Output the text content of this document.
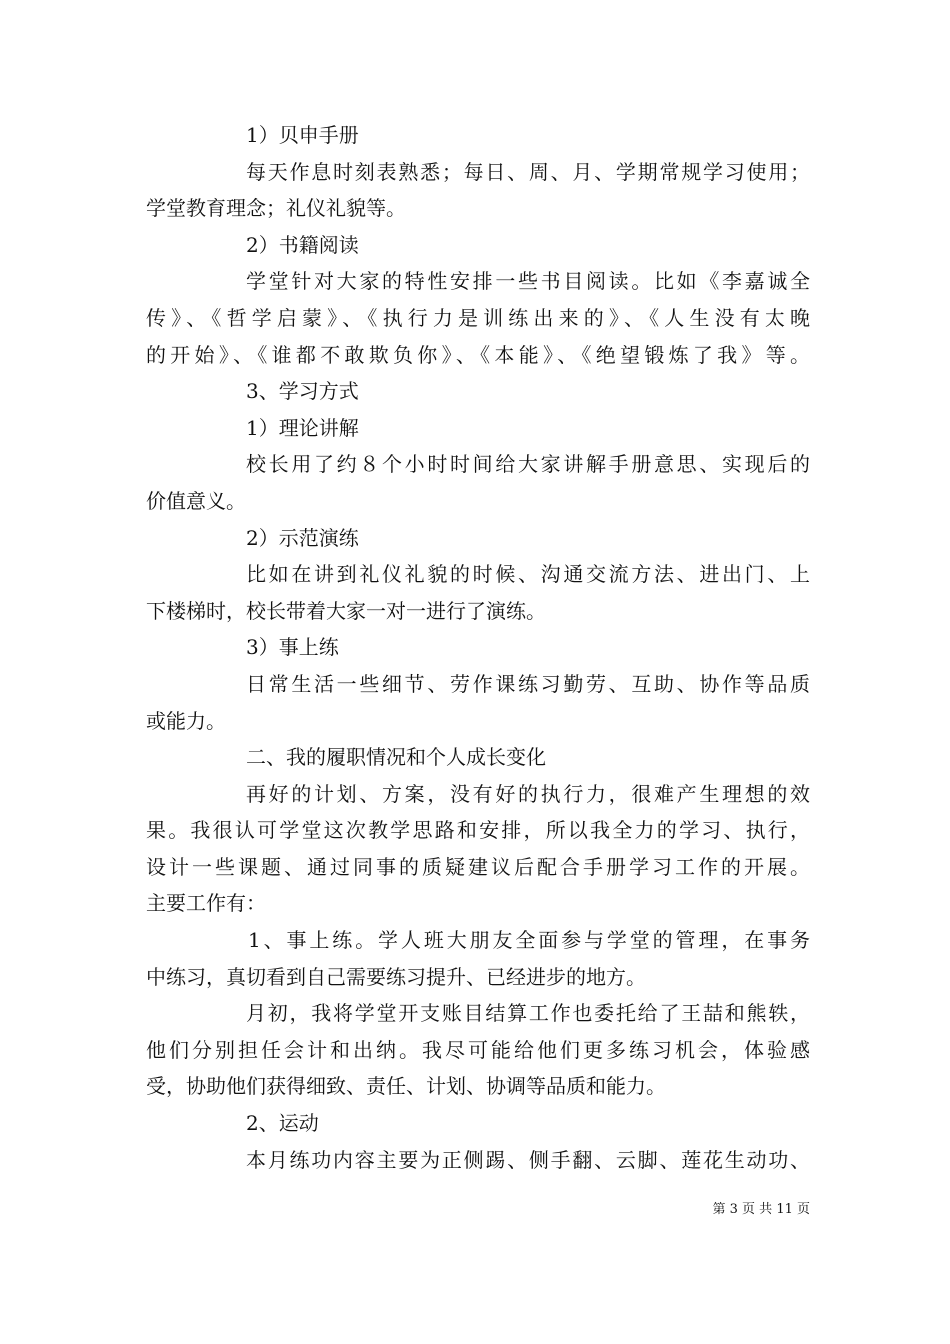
1）贝申手册
每天作息时刻表熟悉；每日、周、月、学期常规学习使用；
学堂教育理念；礼仪礼貌等。
2）书籍阅读
学堂针对大家的特性安排一些书目阅读。比如《李嘉诚全
传》、《哲学启蒙》、《执行力是训练出来的》、《人生没有太晚
的开始》、《谁都不敢欺负你》、《本能》、《绝望锻炼了我》等。
3、学习方式
1）理论讲解
校长用了约８个小时时间给大家讲解手册意思、实现后的
价值意义。
2）示范演练
比如在讲到礼仪礼貌的时候、沟通交流方法、进出门、上
下楼梯时，校长带着大家一对一进行了演练。
3）事上练
日常生活一些细节、劳作课练习勤劳、互助、协作等品质
或能力。
二、我的履职情况和个人成长变化
再好的计划、方案，没有好的执行力，很难产生理想的效
果。我很认可学堂这次教学思路和安排，所以我全力的学习、执行，
设计一些课题、通过同事的质疑建议后配合手册学习工作的开展。
主要工作有：
1、事上练。学人班大朋友全面参与学堂的管理，在事务
中练习，真切看到自己需要练习提升、已经进步的地方。
月初，我将学堂开支账目结算工作也委托给了王喆和熊轶，
他们分别担任会计和出纳。我尽可能给他们更多练习机会，体验感
受，协助他们获得细致、责任、计划、协调等品质和能力。
2、运动
本月练功内容主要为正侧踢、侧手翻、云脚、莲花生动功、
第 3 页 共 11 页
